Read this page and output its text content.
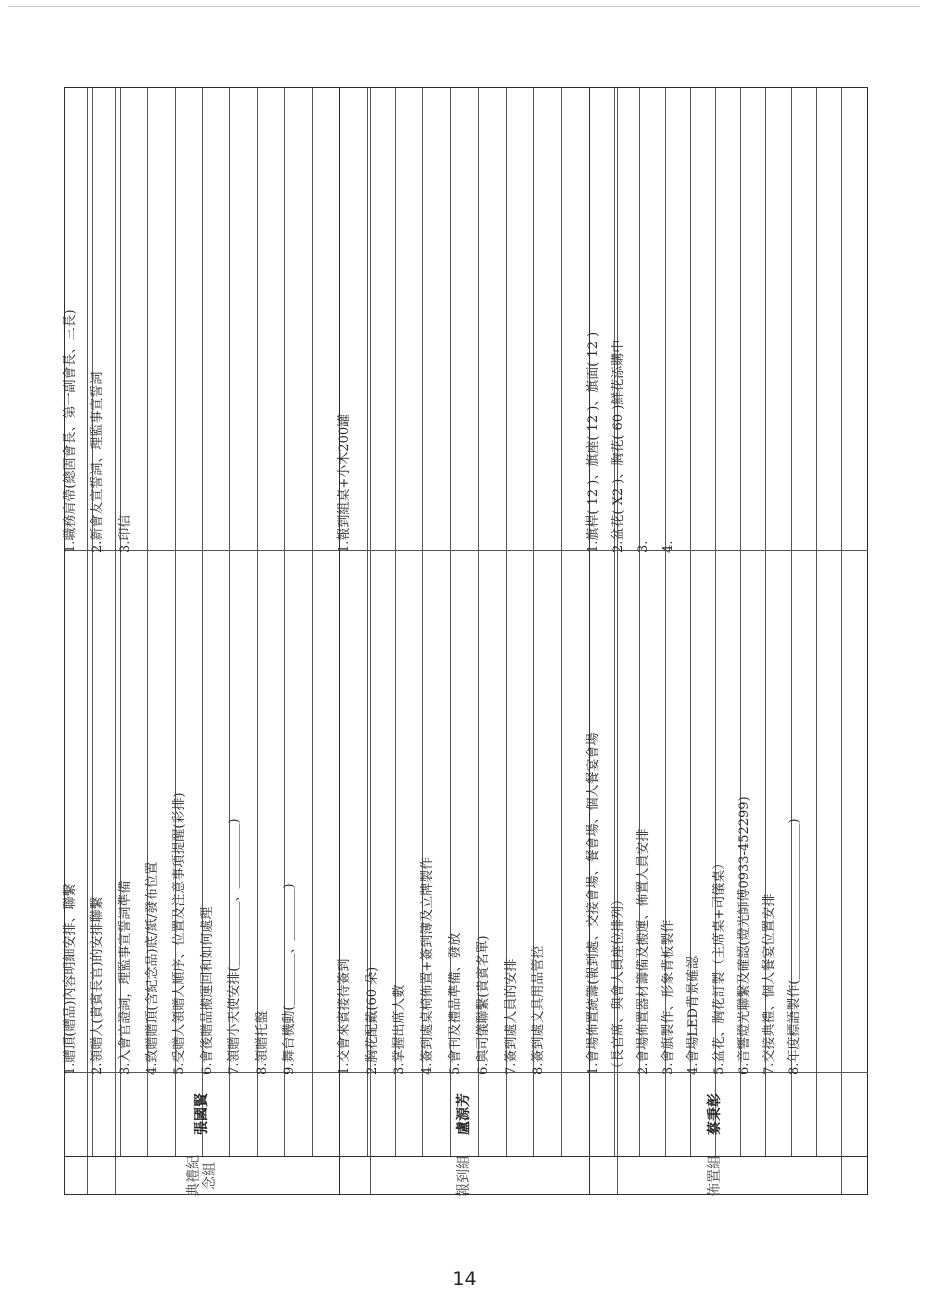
典禮紀 念組
張國賢
1.贈頂(贈品)內容明細安排、聯繫 2.領贈人(貴賓長官)的安排聯繫 3.入會官證詞，理監事宣誓詞準備 4.致贈贈頂(含紀念品)底/紙/發布位置 5.受贈人領贈人順序、位置及注意事項提醒(彩排) 6.會後贈品搬運回和如何處理 7.領贈小天使安排(＿＿＿＿＿、＿＿＿＿＿) 8.領贈托盤 9.舞台機動(＿＿＿＿、＿＿＿＿)
1.職務肩帶(總固會長、第一副會長、三長) 2.新會友宣誓詞、理監事宣誓詞 3.印信
報到組
盧源芳
1.交會來賓接待簽到 2.胸花配戴(60 朵) 3.掌握出席人數 4.簽到處桌椅佈置+簽到簿及立牌製作 5.會刊及禮品準備、發放 6.與司儀聯繫(貴賓名單) 7.簽到處人員的安排 8.簽到處文具用品管控
1.報到組桌+小木200罐
佈置組
蔡秉彰
1.會場佈置統籌(報到處、交接會場、餐會場、個人餐宴會場 （長官席、與會人員座位排列） 2.會場佈置器材籌備及搬運、佈置人員安排 3.會旗製作、形象背板製作 4.會場LED背景確認 5.盆花、胸花訂製（主席桌+司儀桌） 6.音響燈光聯繫及確認(燈光師傅0933-452299) 7.交接典禮、個人餐宴位置安排 8.年度標語製作(＿＿＿＿＿＿＿＿＿＿＿＿)
1.旗桿( 12 )、旗座( 12 )、旗面( 12 ) 2.盆花( X2 )、胸花( 60 )鮮花添購中 3. 4.
14
